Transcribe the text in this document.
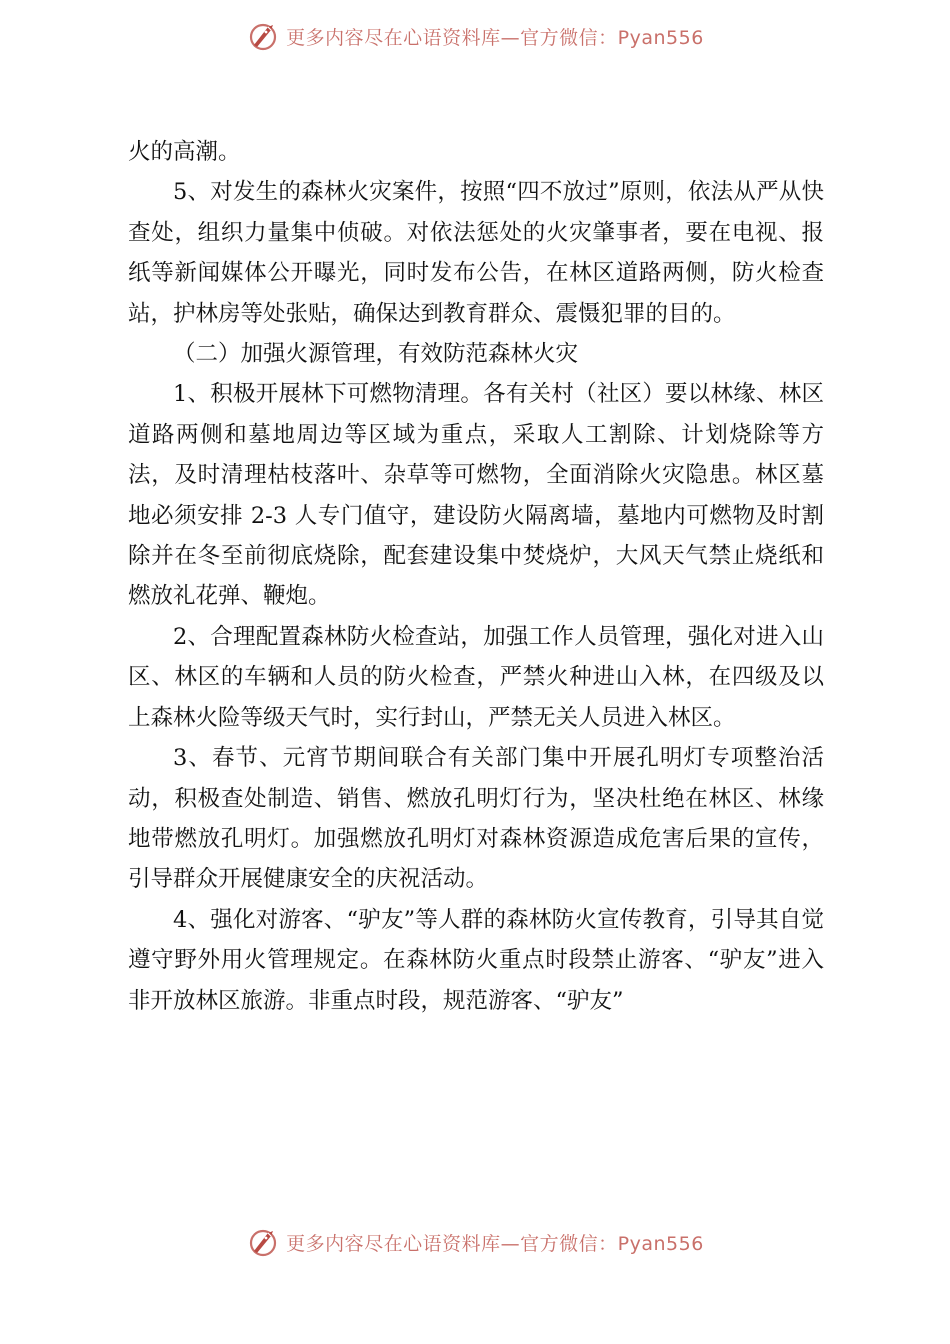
更多内容尽在心语资料库—官方微信：Pyan556

火的高潮。

5、对发生的森林火灾案件，按照“四不放过”原则，依法从严从快查处，组织力量集中侦破。对依法惩处的火灾肇事者，要在电视、报纸等新闻媒体公开曝光，同时发布公告，在林区道路两侧，防火检查站，护林房等处张贴，确保达到教育群众、震慑犯罪的目的。

（二）加强火源管理，有效防范森林火灾

1、积极开展林下可燃物清理。各有关村（社区）要以林缘、林区道路两侧和墓地周边等区域为重点，采取人工割除、计划烧除等方法，及时清理枯枝落叶、杂草等可燃物，全面消除火灾隐患。林区墓地必须安排 2-3 人专门值守，建设防火隔离墙，墓地内可燃物及时割除并在冬至前彻底烧除，配套建设集中焚烧炉，大风天气禁止烧纸和燃放礼花弹、鞭炮。

2、合理配置森林防火检查站，加强工作人员管理，强化对进入山区、林区的车辆和人员的防火检查，严禁火种进山入林，在四级及以上森林火险等级天气时，实行封山，严禁无关人员进入林区。

3、春节、元宵节期间联合有关部门集中开展孔明灯专项整治活动，积极查处制造、销售、燃放孔明灯行为，坚决杜绝在林区、林缘地带燃放孔明灯。加强燃放孔明灯对森林资源造成危害后果的宣传，引导群众开展健康安全的庆祝活动。

4、强化对游客、“驴友”等人群的森林防火宣传教育，引导其自觉遵守野外用火管理规定。在森林防火重点时段禁止游客、“驴友”进入非开放林区旅游。非重点时段，规范游客、“驴友”

更多内容尽在心语资料库—官方微信：Pyan556
